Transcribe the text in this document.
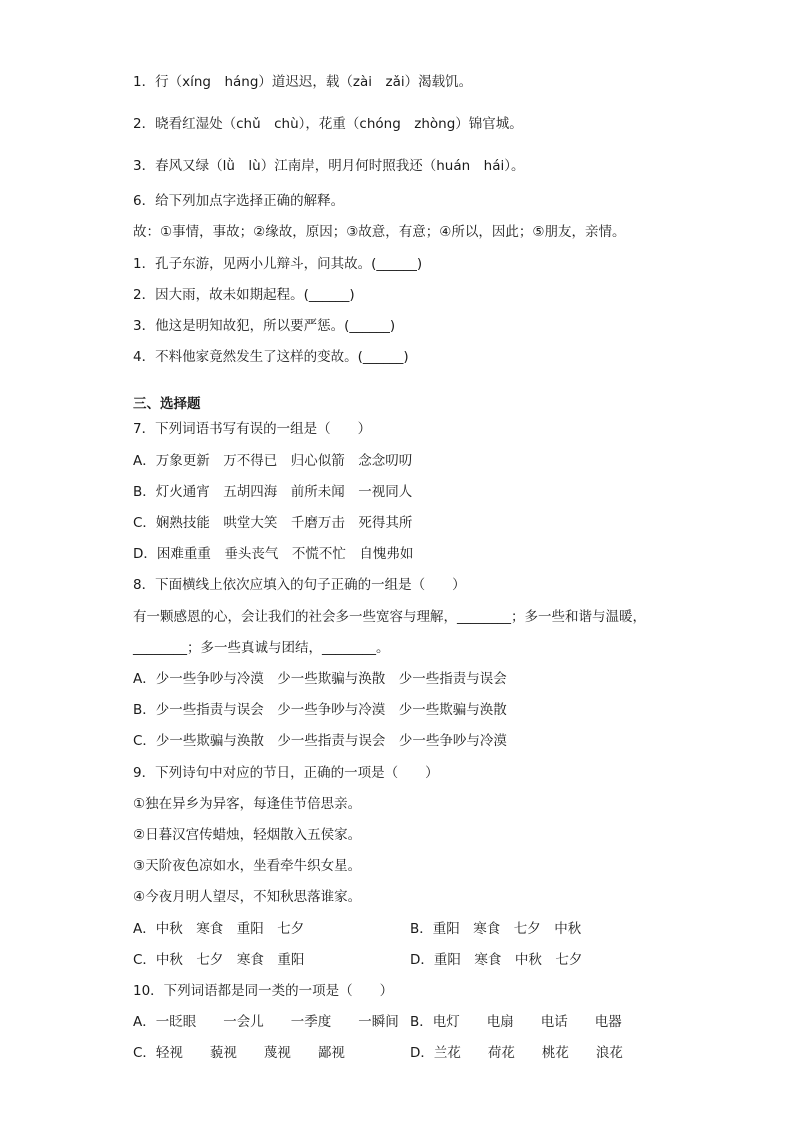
1．行（xíng　háng）道迟迟，载（zài　zǎi）渴载饥。
2．晓看红湿处（chǔ　chù），花重（chóng　zhòng）锦官城。
3．春风又绿（lǜ　lù）江南岸，明月何时照我还（huán　hái）。
6．给下列加点字选择正确的解释。
故：①事情，事故；②缘故，原因；③故意，有意；④所以，因此；⑤朋友，亲情。
1．孔子东游，见两小儿辩斗，问其故。(______)
2．因大雨，故未如期起程。(______)
3．他这是明知故犯，所以要严惩。(______)
4．不料他家竟然发生了这样的变故。(______)
三、选择题
7．下列词语书写有误的一组是（　　）
A．万象更新　万不得已　归心似箭　念念叨叨
B．灯火通宵　五胡四海　前所未闻　一视同人
C．娴熟技能　哄堂大笑　千磨万击　死得其所
D．困难重重　垂头丧气　不慌不忙　自愧弗如
8．下面横线上依次应填入的句子正确的一组是（　　）
有一颗感恩的心，会让我们的社会多一些宽容与理解，________；多一些和谐与温暖，
________；多一些真诚与团结，________。
A．少一些争吵与冷漠　少一些欺骗与涣散　少一些指责与误会
B．少一些指责与误会　少一些争吵与冷漠　少一些欺骗与涣散
C．少一些欺骗与涣散　少一些指责与误会　少一些争吵与冷漠
9．下列诗句中对应的节日，正确的一项是（　　）
①独在异乡为异客，每逢佳节倍思亲。
②日暮汉宫传蜡烛，轻烟散入五侯家。
③天阶夜色凉如水，坐看牵牛织女星。
④今夜月明人望尽，不知秋思落谁家。
A．中秋　寒食　重阳　七夕	B．重阳　寒食　七夕　中秋
C．中秋　七夕　寒食　重阳	D．重阳　寒食　中秋　七夕
10．下列词语都是同一类的一项是（　　）
A．一眨眼　　一会儿　　一季度　　一瞬间 B．电灯　　电扇　　电话　　电器
C．轻视　　藐视　　蔑视　　鄙视	D．兰花　　荷花　　桃花　　浪花
